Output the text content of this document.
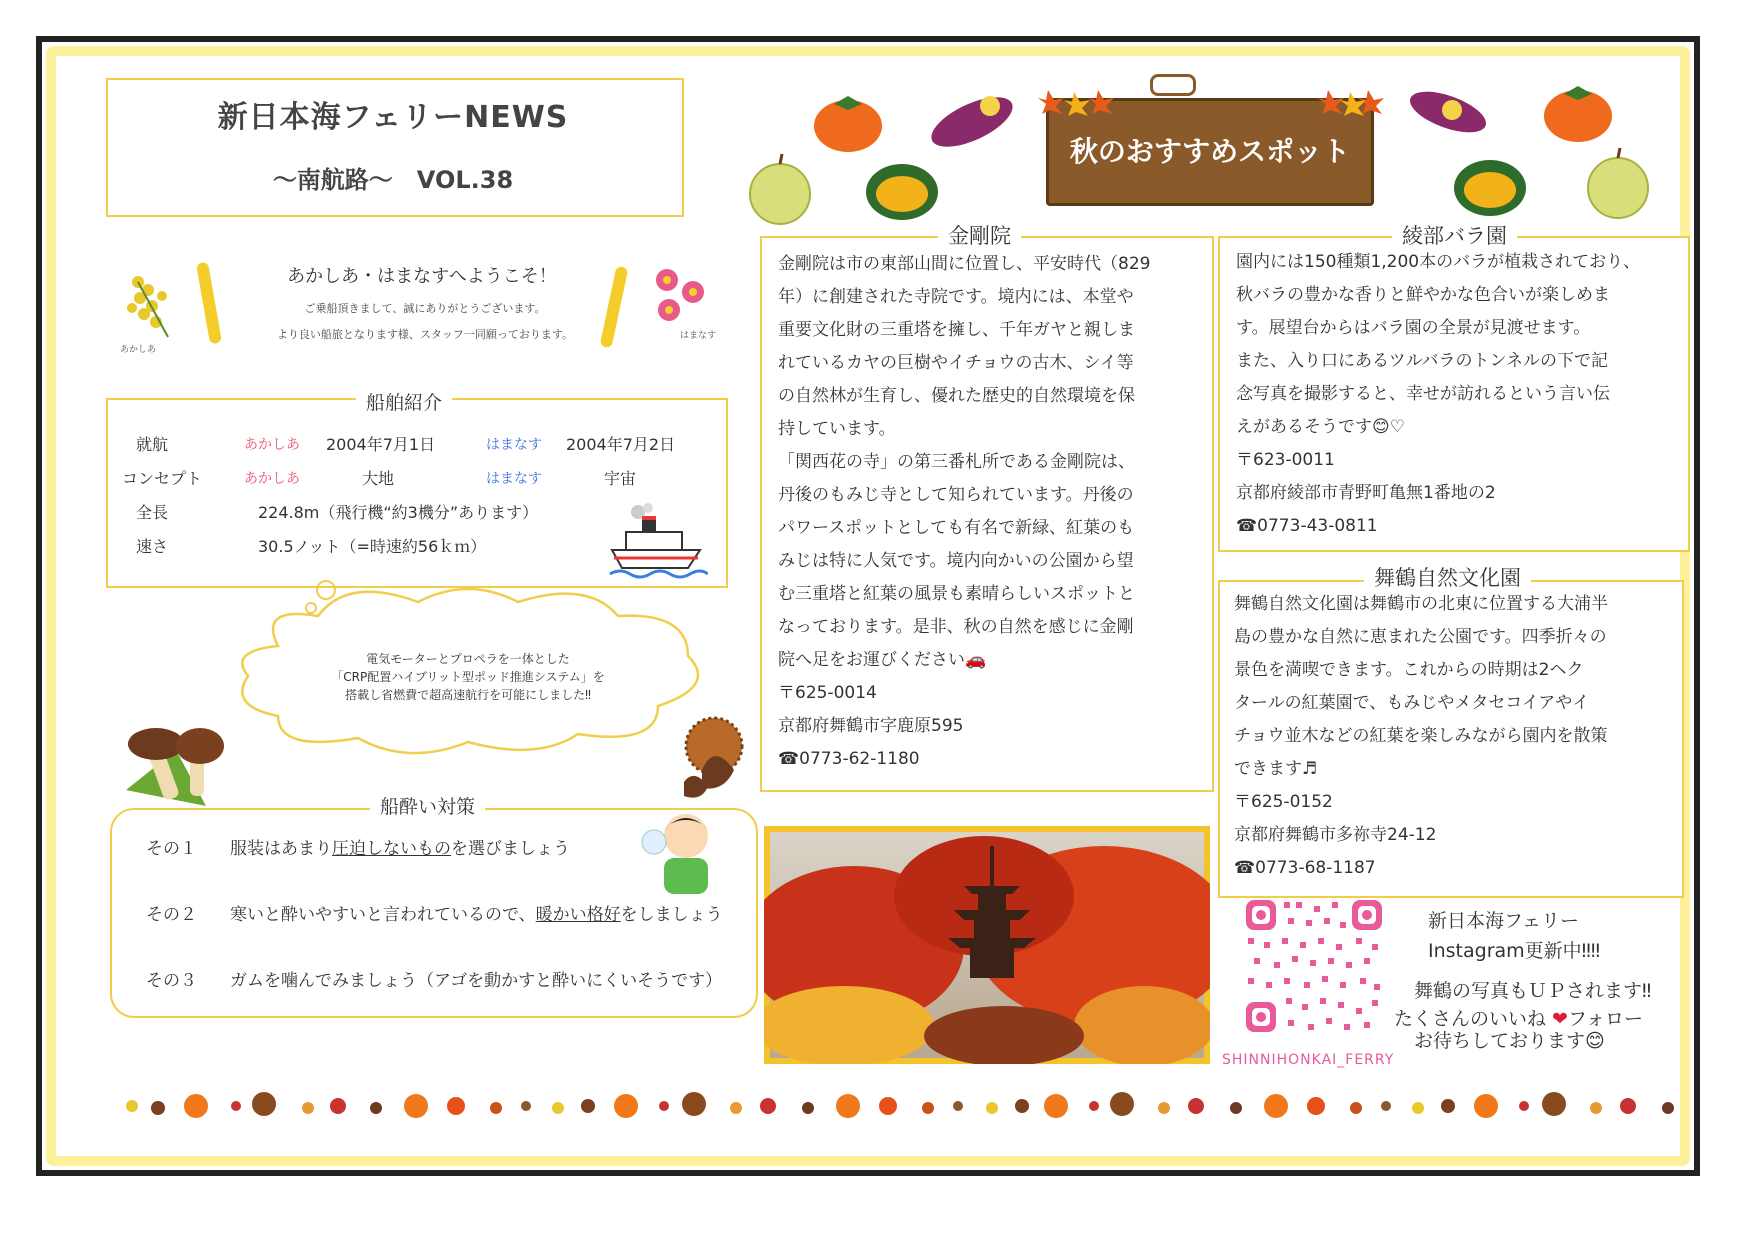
新日本海フェリーNEWS
～南航路～　VOL.38
あかしあ
あかしあ・はまなすへようこそ！
ご乗船頂きまして、誠にありがとうございます。
より良い船旅となります様、スタッフ一同願っております。	はまなす
船舶紹介
就航	あかしあ 2004年7月1日	はまなす 2004年7月2日
コンセプト	あかしあ	大地	はまなす	宇宙
全長	224.8m（飛行機“約3機分”あります）
速さ	30.5ノット（=時速約56ｋｍ）
電気モーターとプロペラを一体とした
「CRP配置ハイブリット型ポッド推進システム」を
搭載し省燃費で超高速航行を可能にしました‼
船酔い対策
その１ 服装はあまり圧迫しないものを選びましょう
その２ 寒いと酔いやすいと言われているので、暖かい格好をしましょう
その３ ガムを噛んでみましょう（アゴを動かすと酔いにくいそうです）
秋のおすすめスポット
金剛院
金剛院は市の東部山間に位置し、平安時代（829
年）に創建された寺院です。境内には、本堂や
重要文化財の三重塔を擁し、千年ガヤと親しま
れているカヤの巨樹やイチョウの古木、シイ等
の自然林が生育し、優れた歴史的自然環境を保
持しています。
「関西花の寺」の第三番札所である金剛院は、
丹後のもみじ寺として知られています。丹後の
パワースポットとしても有名で新緑、紅葉のも
みじは特に人気です。境内向かいの公園から望
む三重塔と紅葉の風景も素晴らしいスポットと
なっております。是非、秋の自然を感じに金剛
院へ足をお運びください🚗
〒625-0014
京都府舞鶴市字鹿原595
☎0773-62-1180
綾部バラ園
園内には150種類1,200本のバラが植栽されており、
秋バラの豊かな香りと鮮やかな色合いが楽しめま
す。展望台からはバラ園の全景が見渡せます。
また、入り口にあるツルバラのトンネルの下で記
念写真を撮影すると、幸せが訪れるという言い伝
えがあるそうです😊♡
〒623-0011
京都府綾部市青野町亀無1番地の2
☎0773-43-0811
舞鶴自然文化園
舞鶴自然文化園は舞鶴市の北東に位置する大浦半
島の豊かな自然に恵まれた公園です。四季折々の
景色を満喫できます。これからの時期は2ヘク
タールの紅葉園で、もみじやメタセコイアやイ
チョウ並木などの紅葉を楽しみながら園内を散策
できます♬
〒625-0152
京都府舞鶴市多祢寺24-12
☎0773-68-1187
SHINNIHONKAI_FERRY
新日本海フェリー
Instagram更新中‼‼
舞鶴の写真もＵＰされます‼
たくさんのいいね ❤フォロー
お待ちしております😊
